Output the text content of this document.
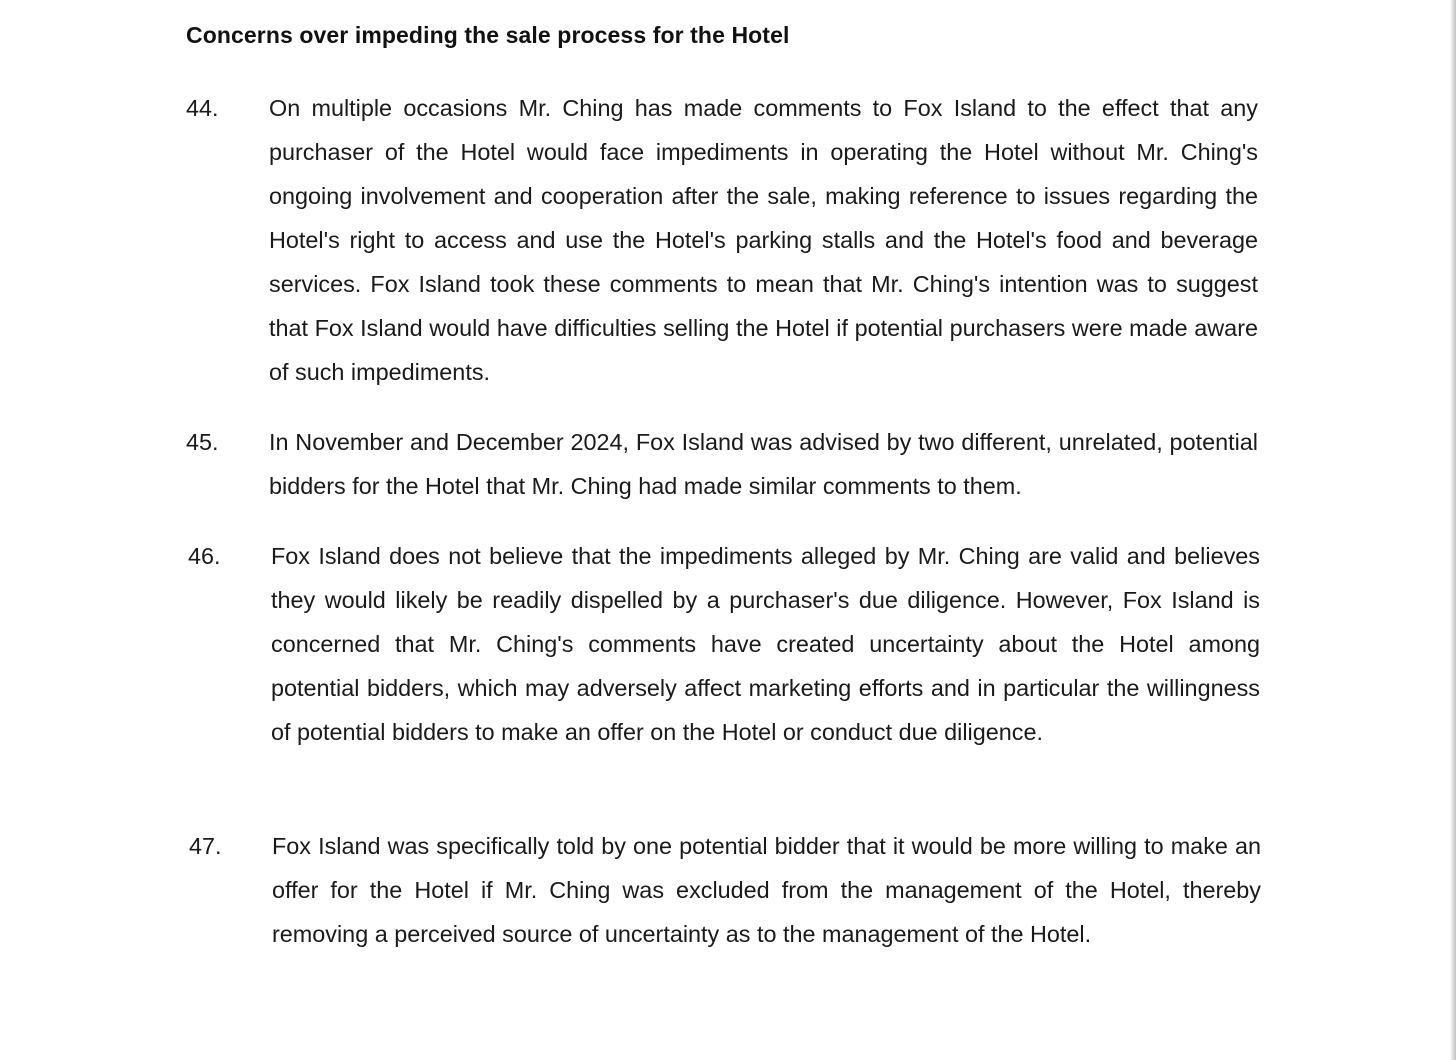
Concerns over impeding the sale process for the Hotel
44.	On multiple occasions Mr. Ching has made comments to Fox Island to the effect that any purchaser of the Hotel would face impediments in operating the Hotel without Mr. Ching's ongoing involvement and cooperation after the sale, making reference to issues regarding the Hotel's right to access and use the Hotel's parking stalls and the Hotel's food and beverage services. Fox Island took these comments to mean that Mr. Ching's intention was to suggest that Fox Island would have difficulties selling the Hotel if potential purchasers were made aware of such impediments.
45.	In November and December 2024, Fox Island was advised by two different, unrelated, potential bidders for the Hotel that Mr. Ching had made similar comments to them.
46.	Fox Island does not believe that the impediments alleged by Mr. Ching are valid and believes they would likely be readily dispelled by a purchaser's due diligence. However, Fox Island is concerned that Mr. Ching's comments have created uncertainty about the Hotel among potential bidders, which may adversely affect marketing efforts and in particular the willingness of potential bidders to make an offer on the Hotel or conduct due diligence.
47.	Fox Island was specifically told by one potential bidder that it would be more willing to make an offer for the Hotel if Mr. Ching was excluded from the management of the Hotel, thereby removing a perceived source of uncertainty as to the management of the Hotel.
